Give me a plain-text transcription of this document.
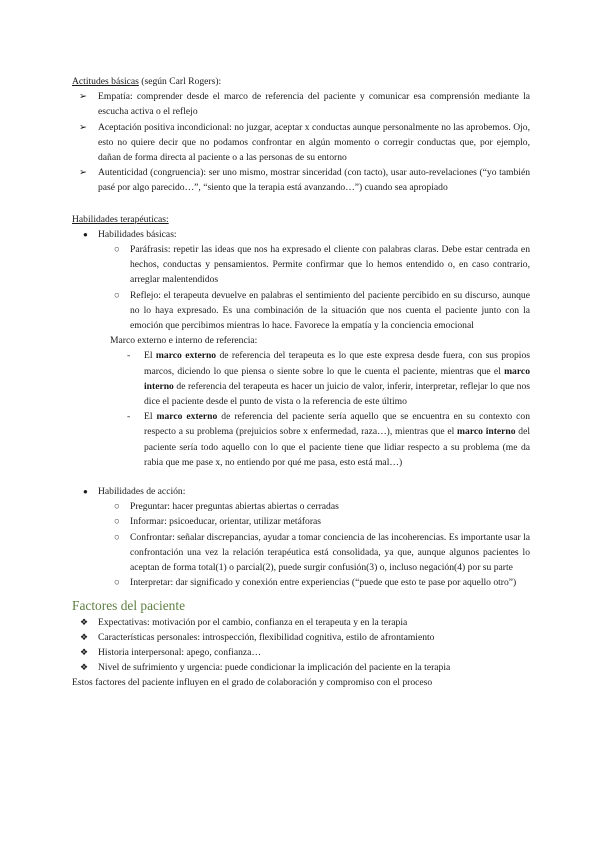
Actitudes básicas (según Carl Rogers):

➢ Empatía: comprender desde el marco de referencia del paciente y comunicar esa comprensión mediante la escucha activa o el reflejo
➢ Aceptación positiva incondicional: no juzgar, aceptar x conductas aunque personalmente no las aprobemos. Ojo, esto no quiere decir que no podamos confrontar en algún momento o corregir conductas que, por ejemplo, dañan de forma directa al paciente o a las personas de su entorno
➢ Autenticidad (congruencia): ser uno mismo, mostrar sinceridad (con tacto), usar auto-revelaciones (“yo también pasé por algo parecido…”, “siento que la terapia está avanzando…”) cuando sea apropiado

Habilidades terapéuticas:

● Habilidades básicas:
○ Paráfrasis: repetir las ideas que nos ha expresado el cliente con palabras claras. Debe estar centrada en hechos, conductas y pensamientos. Permite confirmar que lo hemos entendido o, en caso contrario, arreglar malentendidos
○ Reflejo: el terapeuta devuelve en palabras el sentimiento del paciente percibido en su discurso, aunque no lo haya expresado. Es una combinación de la situación que nos cuenta el paciente junto con la emoción que percibimos mientras lo hace. Favorece la empatía y la conciencia emocional

Marco externo e interno de referencia:

- El marco externo de referencia del terapeuta es lo que este expresa desde fuera, con sus propios marcos, diciendo lo que piensa o siente sobre lo que le cuenta el paciente, mientras que el marco interno de referencia del terapeuta es hacer un juicio de valor, inferir, interpretar, reflejar lo que nos dice el paciente desde el punto de vista o la referencia de este último
- El marco externo de referencia del paciente sería aquello que se encuentra en su contexto con respecto a su problema (prejuicios sobre x enfermedad, raza…), mientras que el marco interno del paciente sería todo aquello con lo que el paciente tiene que lidiar respecto a su problema (me da rabia que me pase x, no entiendo por qué me pasa, esto está mal…)
● Habilidades de acción:
○ Preguntar: hacer preguntas abiertas abiertas o cerradas
○ Informar: psicoeducar, orientar, utilizar metáforas
○ Confrontar: señalar discrepancias, ayudar a tomar conciencia de las incoherencias. Es importante usar la confrontación una vez la relación terapéutica está consolidada, ya que, aunque algunos pacientes lo aceptan de forma total(1) o parcial(2), puede surgir confusión(3) o, incluso negación(4) por su parte
○ Interpretar: dar significado y conexión entre experiencias (“puede que esto te pase por aquello otro”)

Factores del paciente

❖ Expectativas: motivación por el cambio, confianza en el terapeuta y en la terapia
❖ Características personales: introspección, flexibilidad cognitiva, estilo de afrontamiento
❖ Historia interpersonal: apego, confianza…
❖ Nivel de sufrimiento y urgencia: puede condicionar la implicación del paciente en la terapia

Estos factores del paciente influyen en el grado de colaboración y compromiso con el proceso
